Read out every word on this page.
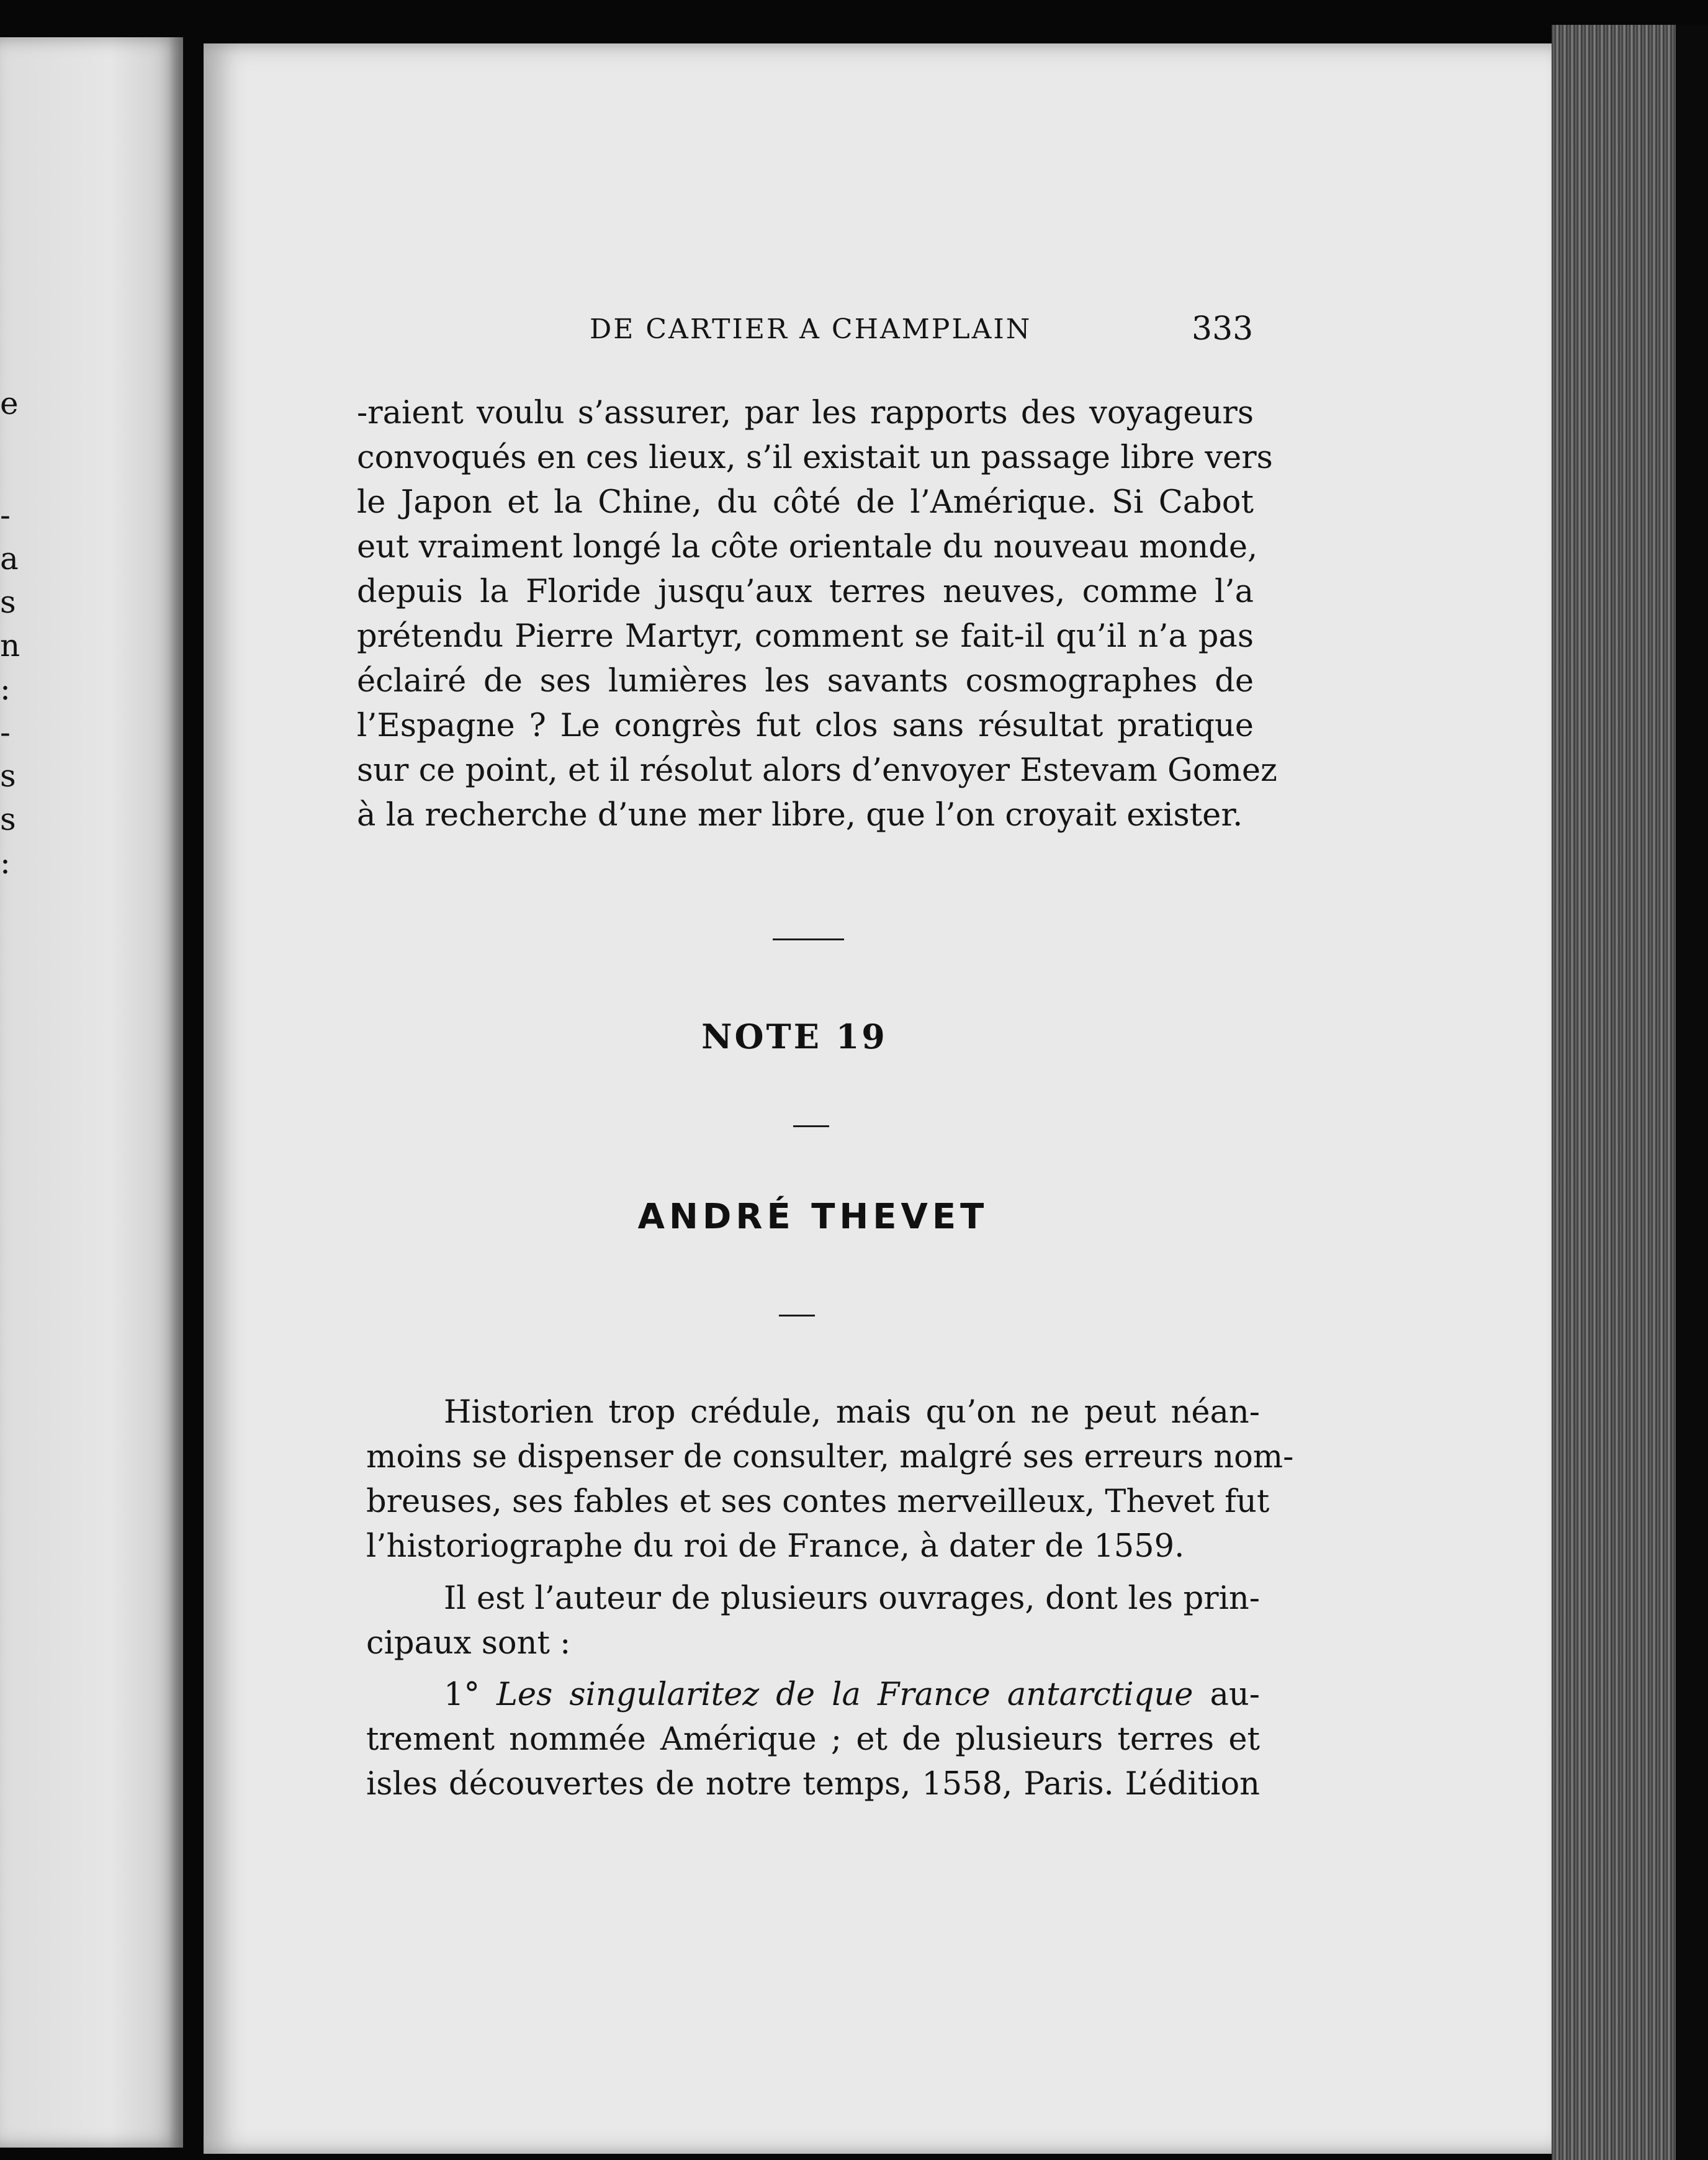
e
-
a
s
n
:
-
s
s
:
DE CARTIER A CHAMPLAIN	333
-raient voulu s’assurer, par les rapports des voyageurs
convoqués en ces lieux, s’il existait un passage libre vers
le Japon et la Chine, du côté de l’Amérique. Si Cabot
eut vraiment longé la côte orientale du nouveau monde,
depuis la Floride jusqu’aux terres neuves, comme l’a
prétendu Pierre Martyr, comment se fait-il qu’il n’a pas
éclairé de ses lumières les savants cosmographes de
l’Espagne ? Le congrès fut clos sans résultat pratique
sur ce point, et il résolut alors d’envoyer Estevam Gomez
à la recherche d’une mer libre, que l’on croyait exister.
NOTE 19
ANDRÉ THEVET
Historien trop crédule, mais qu’on ne peut néan-
moins se dispenser de consulter, malgré ses erreurs nom-
breuses, ses fables et ses contes merveilleux, Thevet fut
l’historiographe du roi de France, à dater de 1559.
Il est l’auteur de plusieurs ouvrages, dont les prin-
cipaux sont :
1° Les singularitez de la France antarctique au-
trement nommée Amérique ; et de plusieurs terres et
isles découvertes de notre temps, 1558, Paris. L’édition
